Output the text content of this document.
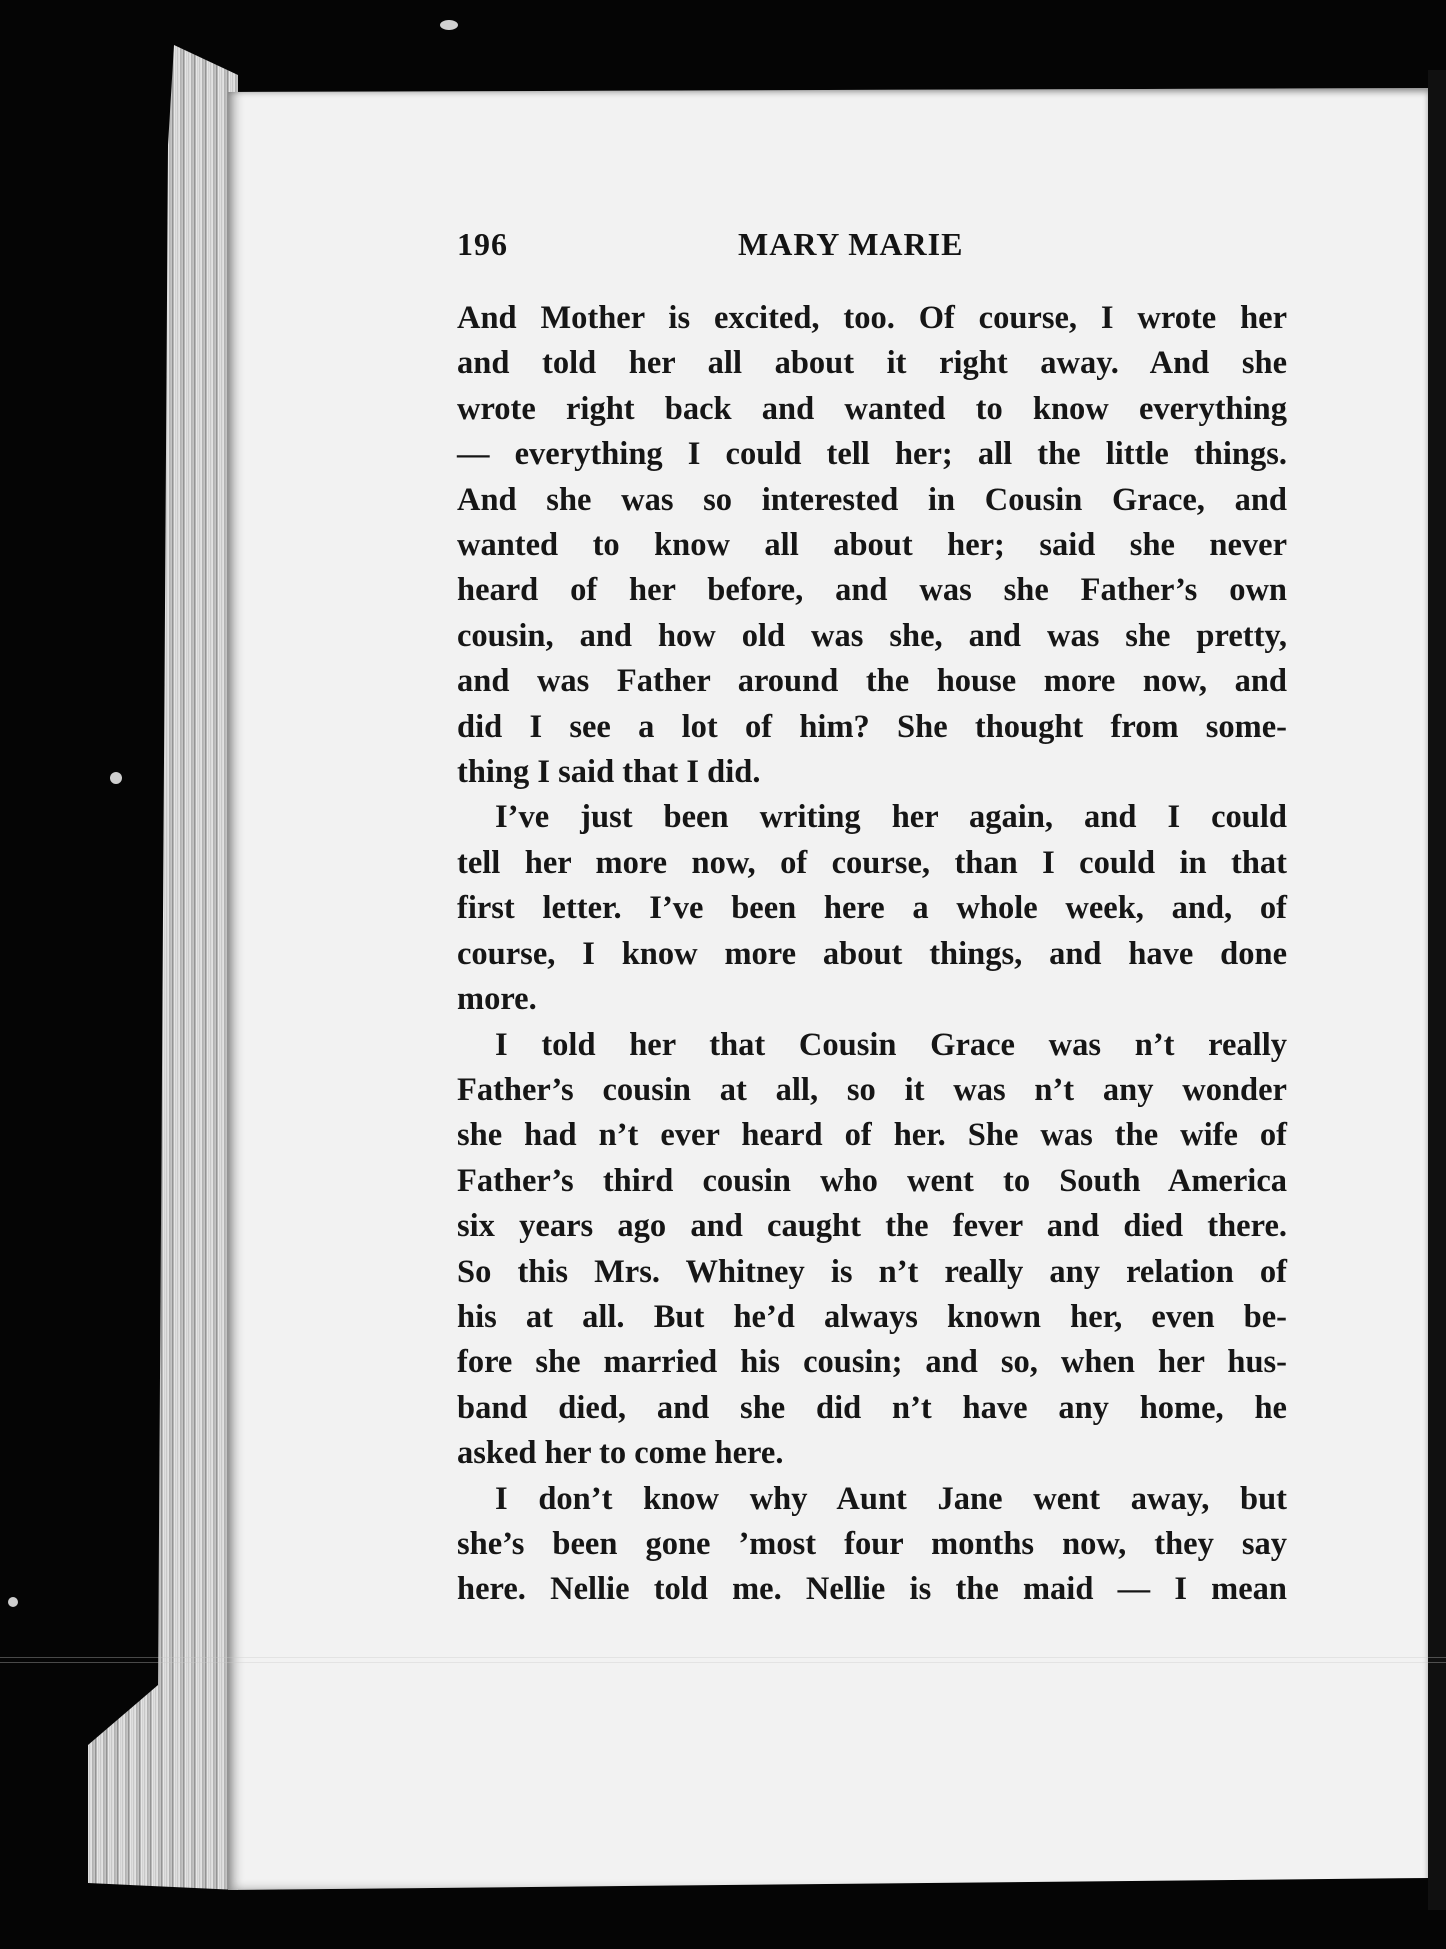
196	MARY MARIE
And Mother is excited, too. Of course, I wrote her
and told her all about it right away. And she
wrote right back and wanted to know everything
— everything I could tell her; all the little things.
And she was so interested in Cousin Grace, and
wanted to know all about her; said she never
heard of her before, and was she Father’s own
cousin, and how old was she, and was she pretty,
and was Father around the house more now, and
did I see a lot of him? She thought from some-
thing I said that I did.
I’ve just been writing her again, and I could
tell her more now, of course, than I could in that
first letter. I’ve been here a whole week, and, of
course, I know more about things, and have done
more.
I told her that Cousin Grace was n’t really
Father’s cousin at all, so it was n’t any wonder
she had n’t ever heard of her. She was the wife of
Father’s third cousin who went to South America
six years ago and caught the fever and died there.
So this Mrs. Whitney is n’t really any relation of
his at all. But he’d always known her, even be-
fore she married his cousin; and so, when her hus-
band died, and she did n’t have any home, he
asked her to come here.
I don’t know why Aunt Jane went away, but
she’s been gone ’most four months now, they say
here. Nellie told me. Nellie is the maid — I mean
